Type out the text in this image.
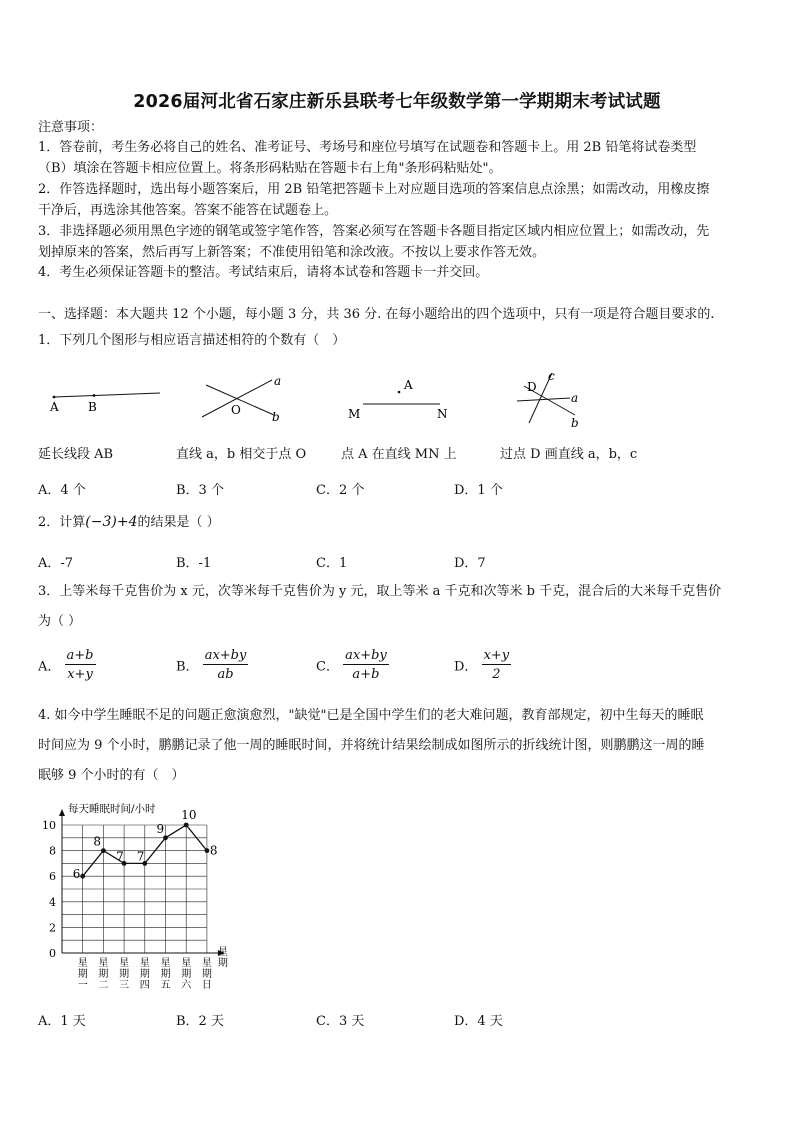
2026届河北省石家庄新乐县联考七年级数学第一学期期末考试试题
注意事项：
1．答卷前，考生务必将自己的姓名、准考证号、考场号和座位号填写在试题卷和答题卡上。用 2B 铅笔将试卷类型
（B）填涂在答题卡相应位置上。将条形码粘贴在答题卡右上角"条形码粘贴处"。
2．作答选择题时，选出每小题答案后，用 2B 铅笔把答题卡上对应题目选项的答案信息点涂黑；如需改动，用橡皮擦
干净后，再选涂其他答案。答案不能答在试题卷上。
3．非选择题必须用黑色字迹的钢笔或签字笔作答，答案必须写在答题卡各题目指定区域内相应位置上；如需改动，先
划掉原来的答案，然后再写上新答案；不准使用铅笔和涂改液。不按以上要求作答无效。
4．考生必须保证答题卡的整洁。考试结束后，请将本试卷和答题卡一并交回。
一、选择题：本大题共 12 个小题，每小题 3 分，共 36 分. 在每小题给出的四个选项中，只有一项是符合题目要求的.
1．下列几个图形与相应语言描述相符的个数有（　）
A B
a
O	b
A
M	N
D
c
a
b
延长线段 AB	直线 a，b 相交于点 O	点 A 在直线 MN 上	过点 D 画直线 a，b，c
A．4 个	B．3 个	C．2 个	D．1 个
2．计算(−3)+4的结果是（ ）
A．-7	B．-1	C．1	D．7
3．上等米每千克售价为 x 元，次等米每千克售价为 y 元，取上等米 a 千克和次等米 b 千克，混合后的大米每千克售价
为（ ）
A． $\frac{a+b}{x+y}$	B． $\frac{ax+by}{ab}$	C． $\frac{ax+by}{a+b}$	D． $\frac{x+y}{2}$
4. 如今中学生睡眠不足的问题正愈演愈烈，"缺觉"已是全国中学生们的老大难问题，教育部规定，初中生每天的睡眠
时间应为 9 个小时，鹏鹏记录了他一周的睡眠时间，并将统计结果绘制成如图所示的折线统计图，则鹏鹏这一周的睡
眠够 9 个小时的有（　）
每天睡眠时间/小时
0
2
4
6
8
10
星
期
一
星
期
二
星
期
三
星
期
四
星
期
五
星
期
六
星
期
日
星
期
6
8
7 7
9
10
8
A．1 天	B．2 天	C．3 天	D．4 天
